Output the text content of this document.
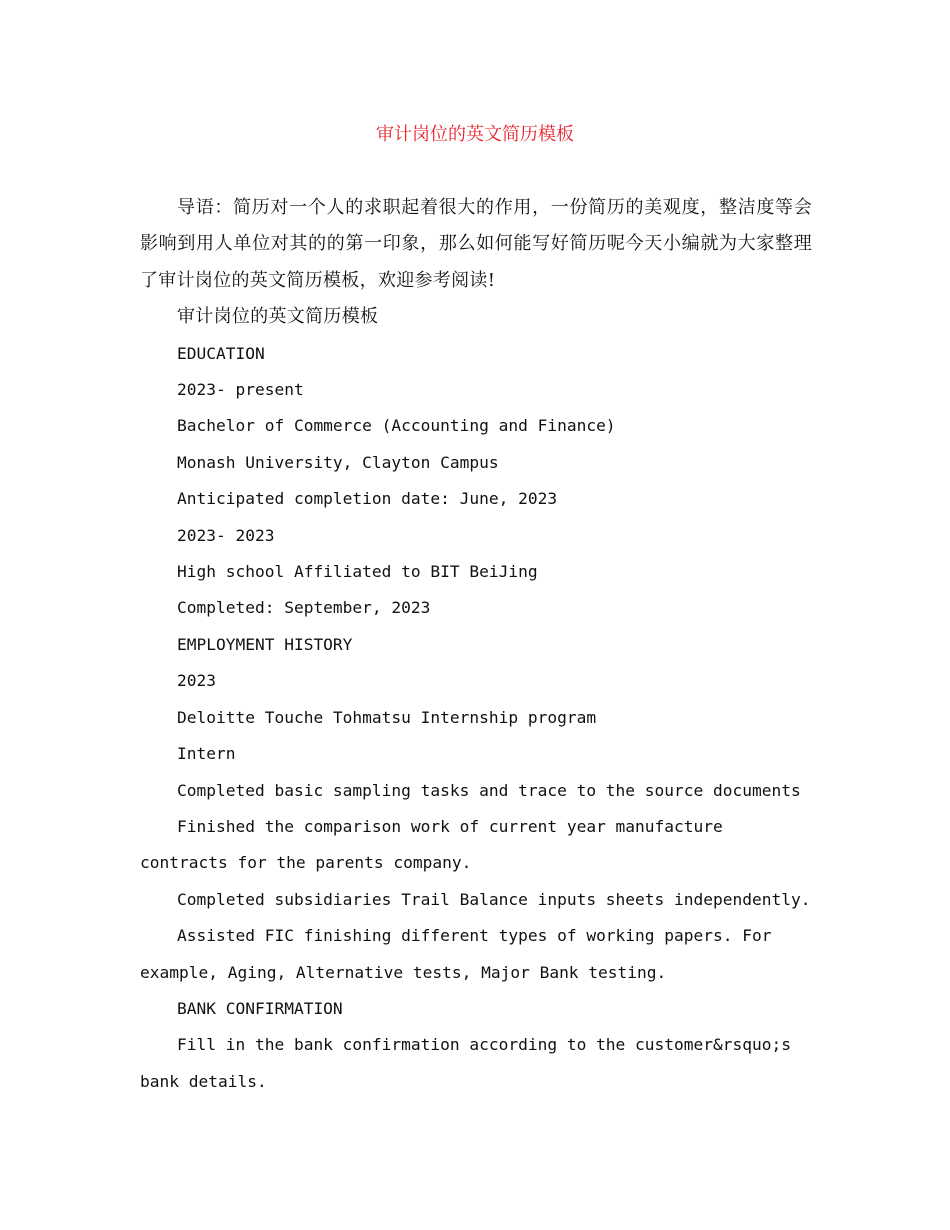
审计岗位的英文简历模板

导语：简历对一个人的求职起着很大的作用，一份简历的美观度，整洁度等会影响到用人单位对其的的第一印象，那么如何能写好简历呢今天小编就为大家整理了审计岗位的英文简历模板，欢迎参考阅读!

审计岗位的英文简历模板

EDUCATION

2023- present

Bachelor of Commerce (Accounting and Finance)

Monash University, Clayton Campus

Anticipated completion date: June, 2023

2023- 2023

High school Affiliated to BIT BeiJing

Completed: September, 2023

EMPLOYMENT HISTORY

2023

Deloitte Touche Tohmatsu Internship program

Intern

Completed basic sampling tasks and trace to the source documents

Finished the comparison work of current year manufacture contracts for the parents company.

Completed subsidiaries Trail Balance inputs sheets independently.

Assisted FIC finishing different types of working papers. For example, Aging, Alternative tests, Major Bank testing.

BANK CONFIRMATION

Fill in the bank confirmation according to the customer&rsquo;s bank details.
